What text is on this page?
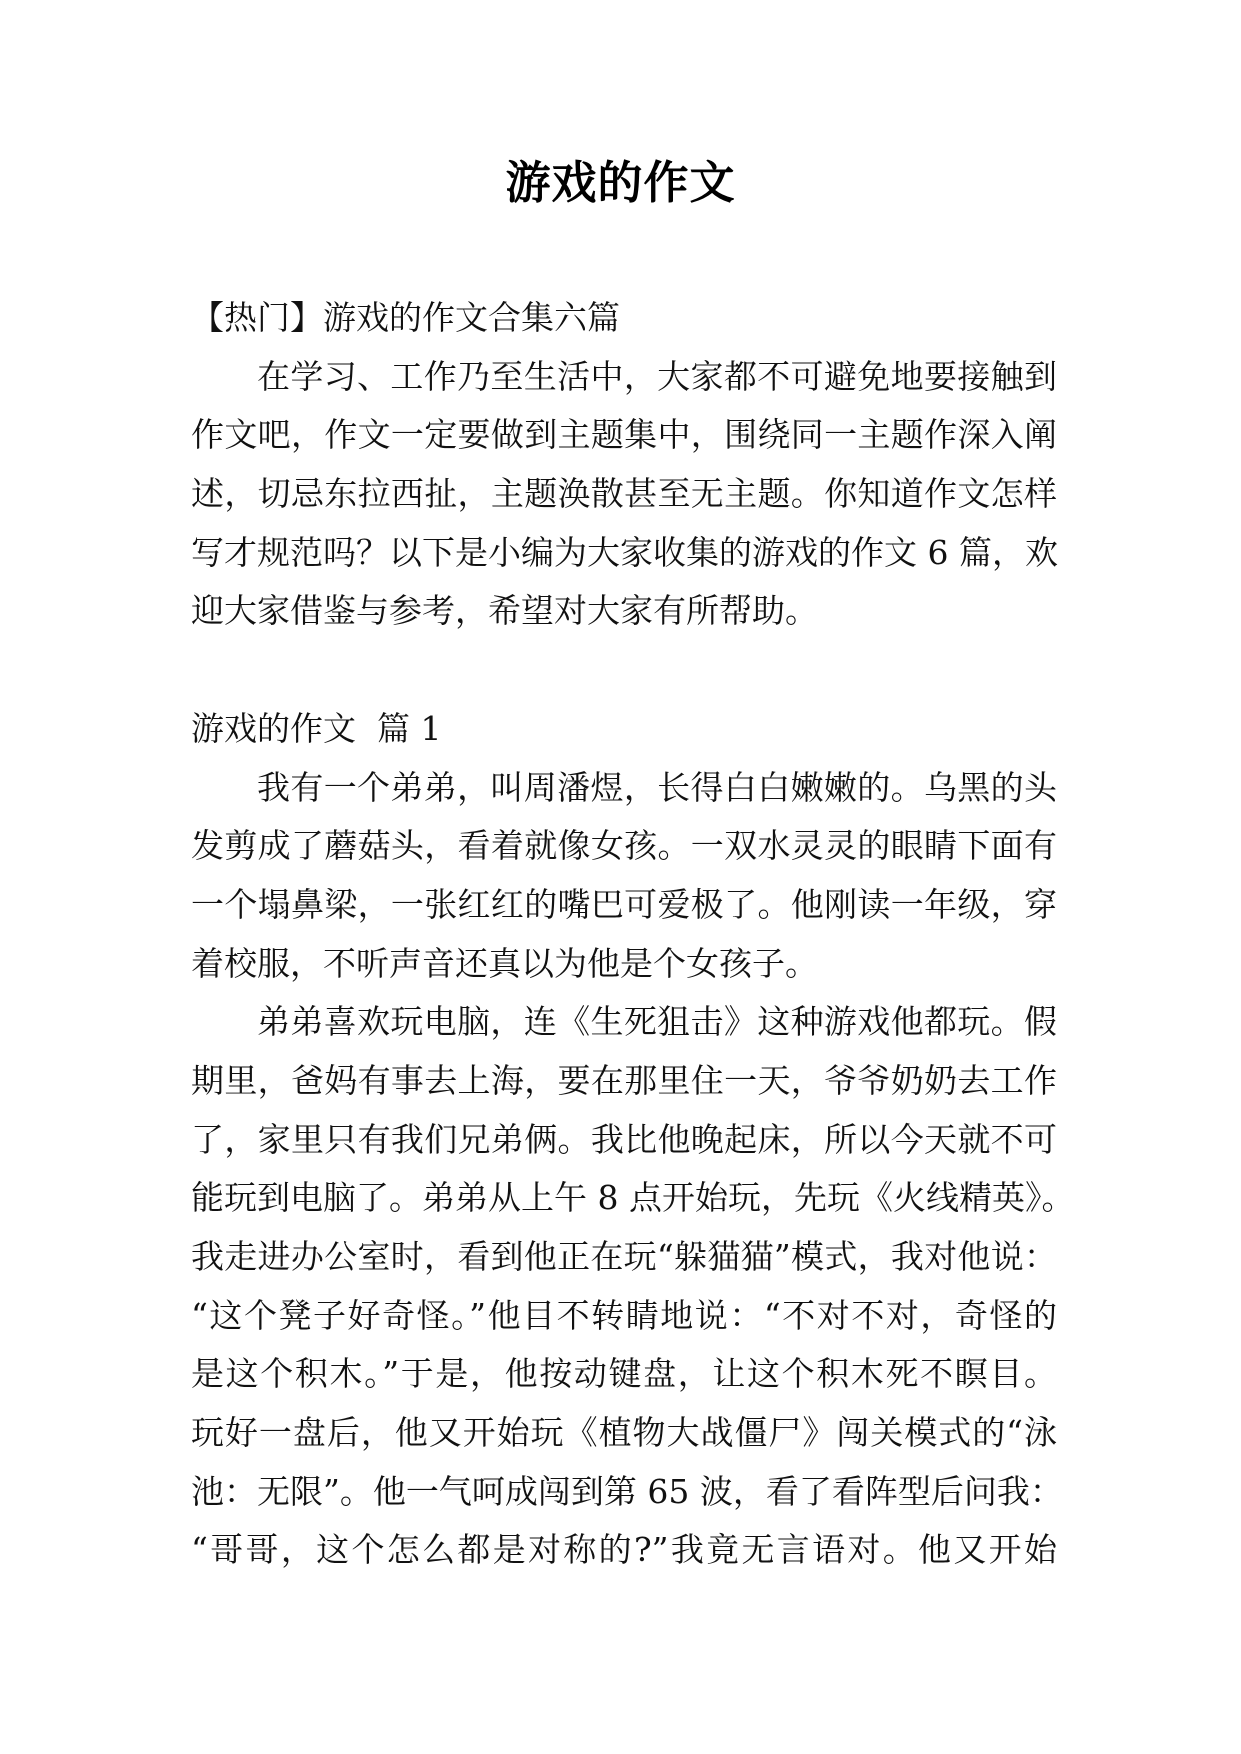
游戏的作文
【热门】游戏的作文合集六篇
在学习、工作乃至生活中，大家都不可避免地要接触到
作文吧，作文一定要做到主题集中，围绕同一主题作深入阐
述，切忌东拉西扯，主题涣散甚至无主题。你知道作文怎样
写才规范吗？以下是小编为大家收集的游戏的作文 6 篇，欢
迎大家借鉴与参考，希望对大家有所帮助。
游戏的作文  篇 1
我有一个弟弟，叫周潘煜，长得白白嫩嫩的。乌黑的头
发剪成了蘑菇头，看着就像女孩。一双水灵灵的眼睛下面有
一个塌鼻梁，一张红红的嘴巴可爱极了。他刚读一年级，穿
着校服，不听声音还真以为他是个女孩子。
弟弟喜欢玩电脑，连《生死狙击》这种游戏他都玩。假
期里，爸妈有事去上海，要在那里住一天，爷爷奶奶去工作
了，家里只有我们兄弟俩。我比他晚起床，所以今天就不可
能玩到电脑了。弟弟从上午 8 点开始玩，先玩《火线精英》。
我走进办公室时，看到他正在玩“躲猫猫”模式，我对他说：
“这个凳子好奇怪。”他目不转睛地说：“不对不对，奇怪的
是这个积木。”于是，他按动键盘，让这个积木死不瞑目。
玩好一盘后，他又开始玩《植物大战僵尸》闯关模式的“泳
池：无限”。他一气呵成闯到第 65 波，看了看阵型后问我：
“哥哥，这个怎么都是对称的?”我竟无言语对。他又开始
